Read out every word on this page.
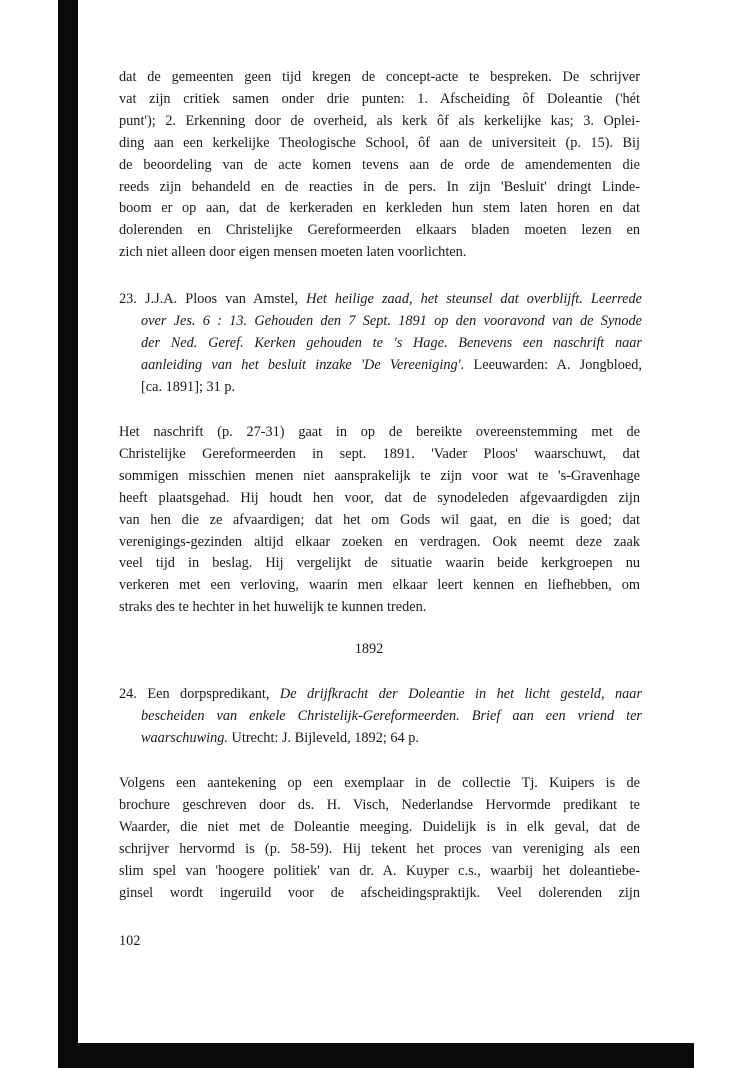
dat de gemeenten geen tijd kregen de concept-acte te bespreken. De schrijver
vat zijn critiek samen onder drie punten: 1. Afscheiding ôf Doleantie ('hét
punt'); 2. Erkenning door de overheid, als kerk ôf als kerkelijke kas; 3. Oplei-
ding aan een kerkelijke Theologische School, ôf aan de universiteit (p. 15). Bij
de beoordeling van de acte komen tevens aan de orde de amendementen die
reeds zijn behandeld en de reacties in de pers. In zijn 'Besluit' dringt Linde-
boom er op aan, dat de kerkeraden en kerkleden hun stem laten horen en dat
dolerenden en Christelijke Gereformeerden elkaars bladen moeten lezen en
zich niet alleen door eigen mensen moeten laten voorlichten.
23. J.J.A. Ploos van Amstel, Het heilige zaad, het steunsel dat overblijft. Leerrede
over Jes. 6 : 13. Gehouden den 7 Sept. 1891 op den vooravond van de Synode
der Ned. Geref. Kerken gehouden te 's Hage. Benevens een naschrift naar
aanleiding van het besluit inzake 'De Vereeniging'. Leeuwarden: A. Jongbloed,
[ca. 1891]; 31 p.
Het naschrift (p. 27-31) gaat in op de bereikte overeenstemming met de
Christelijke Gereformeerden in sept. 1891. 'Vader Ploos' waarschuwt, dat
sommigen misschien menen niet aansprakelijk te zijn voor wat te 's-Gravenhage
heeft plaatsgehad. Hij houdt hen voor, dat de synodeleden afgevaardigden zijn
van hen die ze afvaardigen; dat het om Gods wil gaat, en die is goed; dat
verenigings-gezinden altijd elkaar zoeken en verdragen. Ook neemt deze zaak
veel tijd in beslag. Hij vergelijkt de situatie waarin beide kerkgroepen nu
verkeren met een verloving, waarin men elkaar leert kennen en liefhebben, om
straks des te hechter in het huwelijk te kunnen treden.
1892
24. Een dorpspredikant, De drijfkracht der Doleantie in het licht gesteld, naar
bescheiden van enkele Christelijk-Gereformeerden. Brief aan een vriend ter
waarschuwing. Utrecht: J. Bijleveld, 1892; 64 p.
Volgens een aantekening op een exemplaar in de collectie Tj. Kuipers is de
brochure geschreven door ds. H. Visch, Nederlandse Hervormde predikant te
Waarder, die niet met de Doleantie meeging. Duidelijk is in elk geval, dat de
schrijver hervormd is (p. 58-59). Hij tekent het proces van vereniging als een
slim spel van 'hoogere politiek' van dr. A. Kuyper c.s., waarbij het doleantiebe-
ginsel wordt ingeruild voor de afscheidingspraktijk. Veel dolerenden zijn
102
